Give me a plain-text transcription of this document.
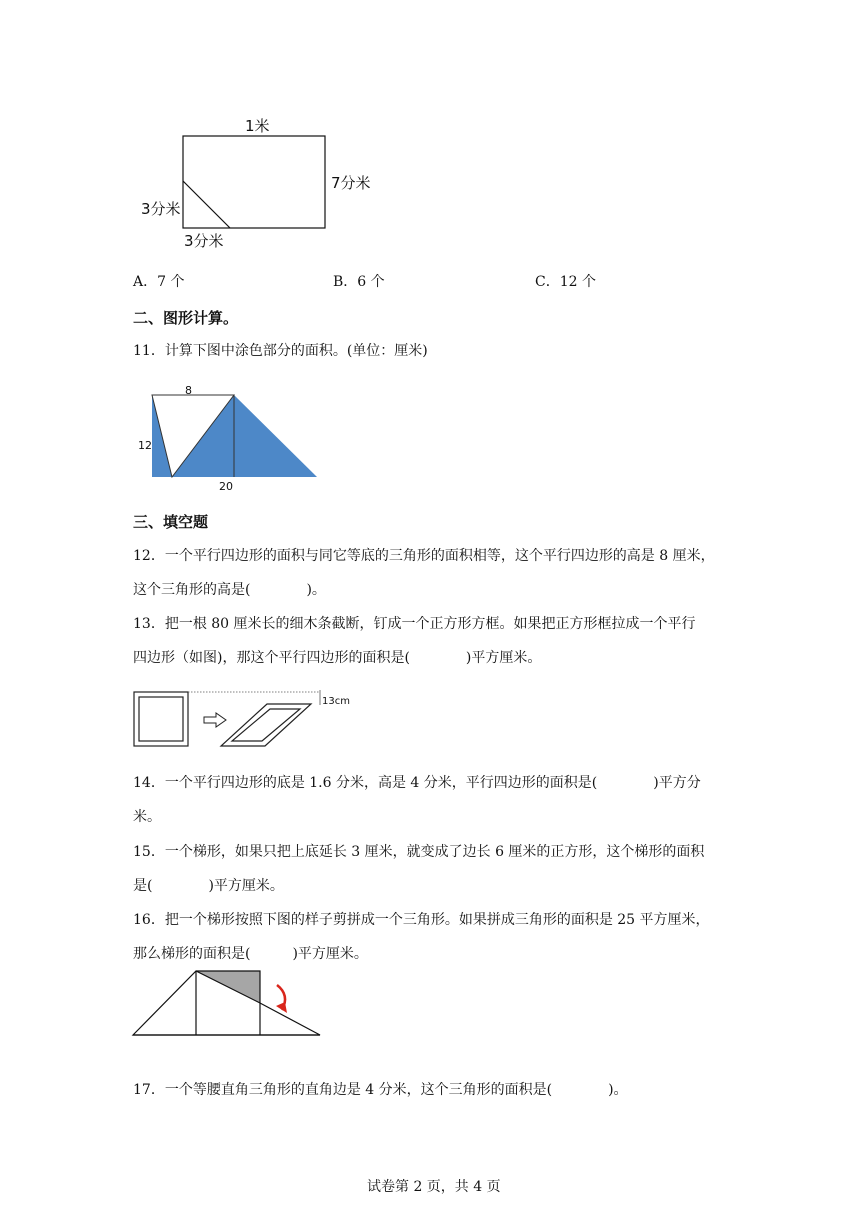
1米
7分米
3分米
3分米
A．7 个	B．6 个	C．12 个
二、图形计算。
11．计算下图中涂色部分的面积。(单位：厘米)
8
12
20
三、填空题
12．一个平行四边形的面积与同它等底的三角形的面积相等，这个平行四边形的高是 8 厘米，
这个三角形的高是(　　　　)。
13．把一根 80 厘米长的细木条截断，钉成一个正方形方框。如果把正方形框拉成一个平行
四边形（如图)，那这个平行四边形的面积是(　　　　)平方厘米。
13cm
14．一个平行四边形的底是 1.6 分米，高是 4 分米，平行四边形的面积是(　　　　)平方分
米。
15．一个梯形，如果只把上底延长 3 厘米，就变成了边长 6 厘米的正方形，这个梯形的面积
是(　　　　)平方厘米。
16．把一个梯形按照下图的样子剪拼成一个三角形。如果拼成三角形的面积是 25 平方厘米，
那么梯形的面积是(　　　)平方厘米。
17．一个等腰直角三角形的直角边是 4 分米，这个三角形的面积是(　　　　)。
试卷第 2 页，共 4 页
